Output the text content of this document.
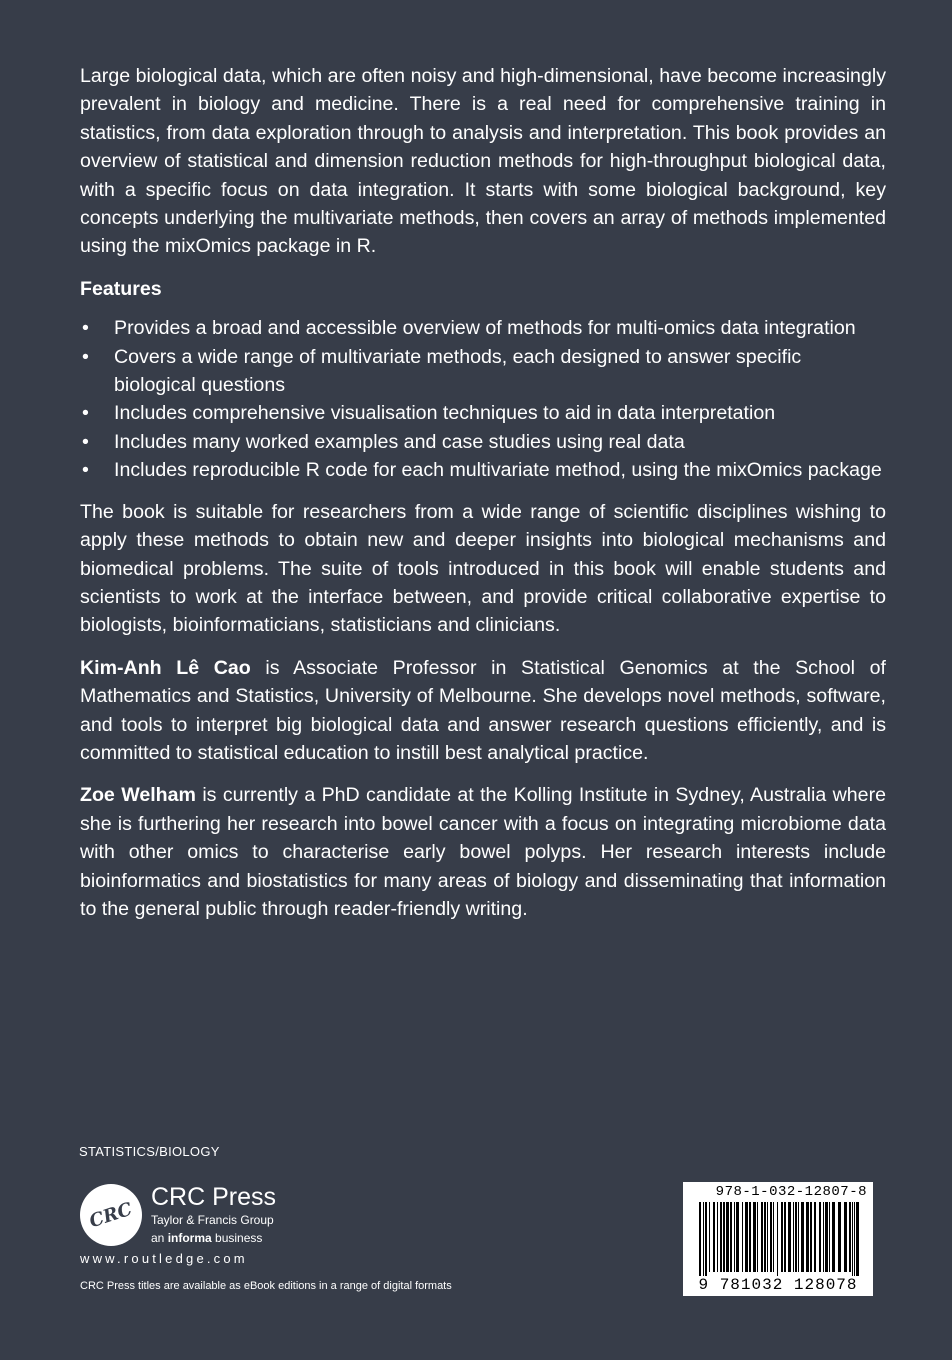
Large biological data, which are often noisy and high-dimensional, have become increasingly prevalent in biology and medicine. There is a real need for comprehensive training in statistics, from data exploration through to analysis and interpretation. This book provides an overview of statistical and dimension reduction methods for high-throughput biological data, with a specific focus on data integration. It starts with some biological background, key concepts underlying the multivariate methods, then covers an array of methods implemented using the mixOmics package in R.

Features
• Provides a broad and accessible overview of methods for multi-omics data integration
• Covers a wide range of multivariate methods, each designed to answer specific biological questions
• Includes comprehensive visualisation techniques to aid in data interpretation
• Includes many worked examples and case studies using real data
• Includes reproducible R code for each multivariate method, using the mixOmics package

The book is suitable for researchers from a wide range of scientific disciplines wishing to apply these methods to obtain new and deeper insights into biological mechanisms and biomedical problems. The suite of tools introduced in this book will enable students and scientists to work at the interface between, and provide critical collaborative expertise to biologists, bioinformaticians, statisticians and clinicians.

Kim-Anh Lê Cao is Associate Professor in Statistical Genomics at the School of Mathematics and Statistics, University of Melbourne. She develops novel methods, software, and tools to interpret big biological data and answer research questions efficiently, and is committed to statistical education to instill best analytical practice.

Zoe Welham is currently a PhD candidate at the Kolling Institute in Sydney, Australia where she is furthering her research into bowel cancer with a focus on integrating microbiome data with other omics to characterise early bowel polyps. Her research interests include bioinformatics and biostatistics for many areas of biology and disseminating that information to the general public through reader-friendly writing.

STATISTICS/BIOLOGY
CRC
CRC Press
Taylor & Francis Group
an informa business
www.routledge.com
CRC Press titles are available as eBook editions in a range of digital formats
978-1-032-12807-8
9 781032 128078
